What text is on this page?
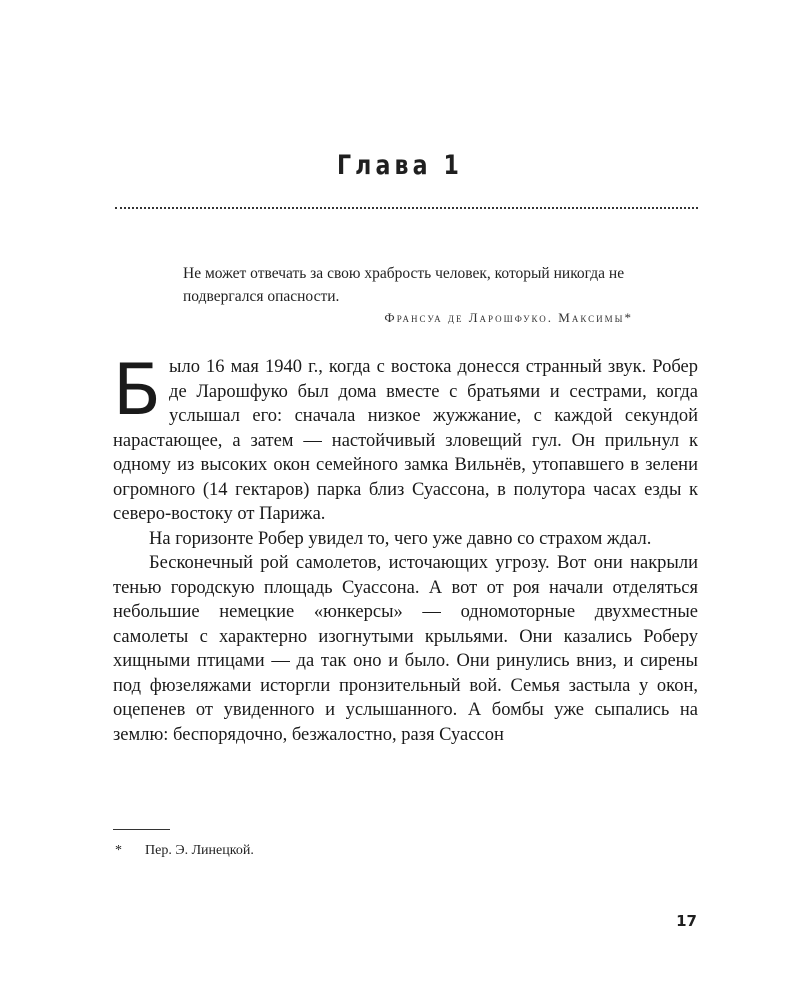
Глава 1
Не может отвечать за свою храбрость человек, который никогда не подвергался опасности.
Франсуа де Ларошфуко. Максимы*

Было 16 мая 1940 г., когда с востока донесся странный звук. Робер де Ларошфуко был дома вместе с братьями и сестрами, когда услышал его: сначала низкое жужжание, с каждой секундой нарастающее, а затем — настойчивый зловещий гул. Он прильнул к одному из высоких окон семейного замка Вильнёв, утопавшего в зелени огромного (14 гектаров) парка близ Суассона, в полутора часах езды к северо-востоку от Парижа.

На горизонте Робер увидел то, чего уже давно со страхом ждал.

Бесконечный рой самолетов, источающих угрозу. Вот они накрыли тенью городскую площадь Суассона. А вот от роя начали отделяться небольшие немецкие «юнкерсы» — одномоторные двухместные самолеты с характерно изогнутыми крыльями. Они казались Роберу хищными птицами — да так оно и было. Они ринулись вниз, и сирены под фюзеляжами исторгли пронзительный вой. Семья застыла у окон, оцепенев от увиденного и услышанного. А бомбы уже сыпались на землю: беспорядочно, безжалостно, разя Суассон

* Пер. Э. Линецкой.
17
